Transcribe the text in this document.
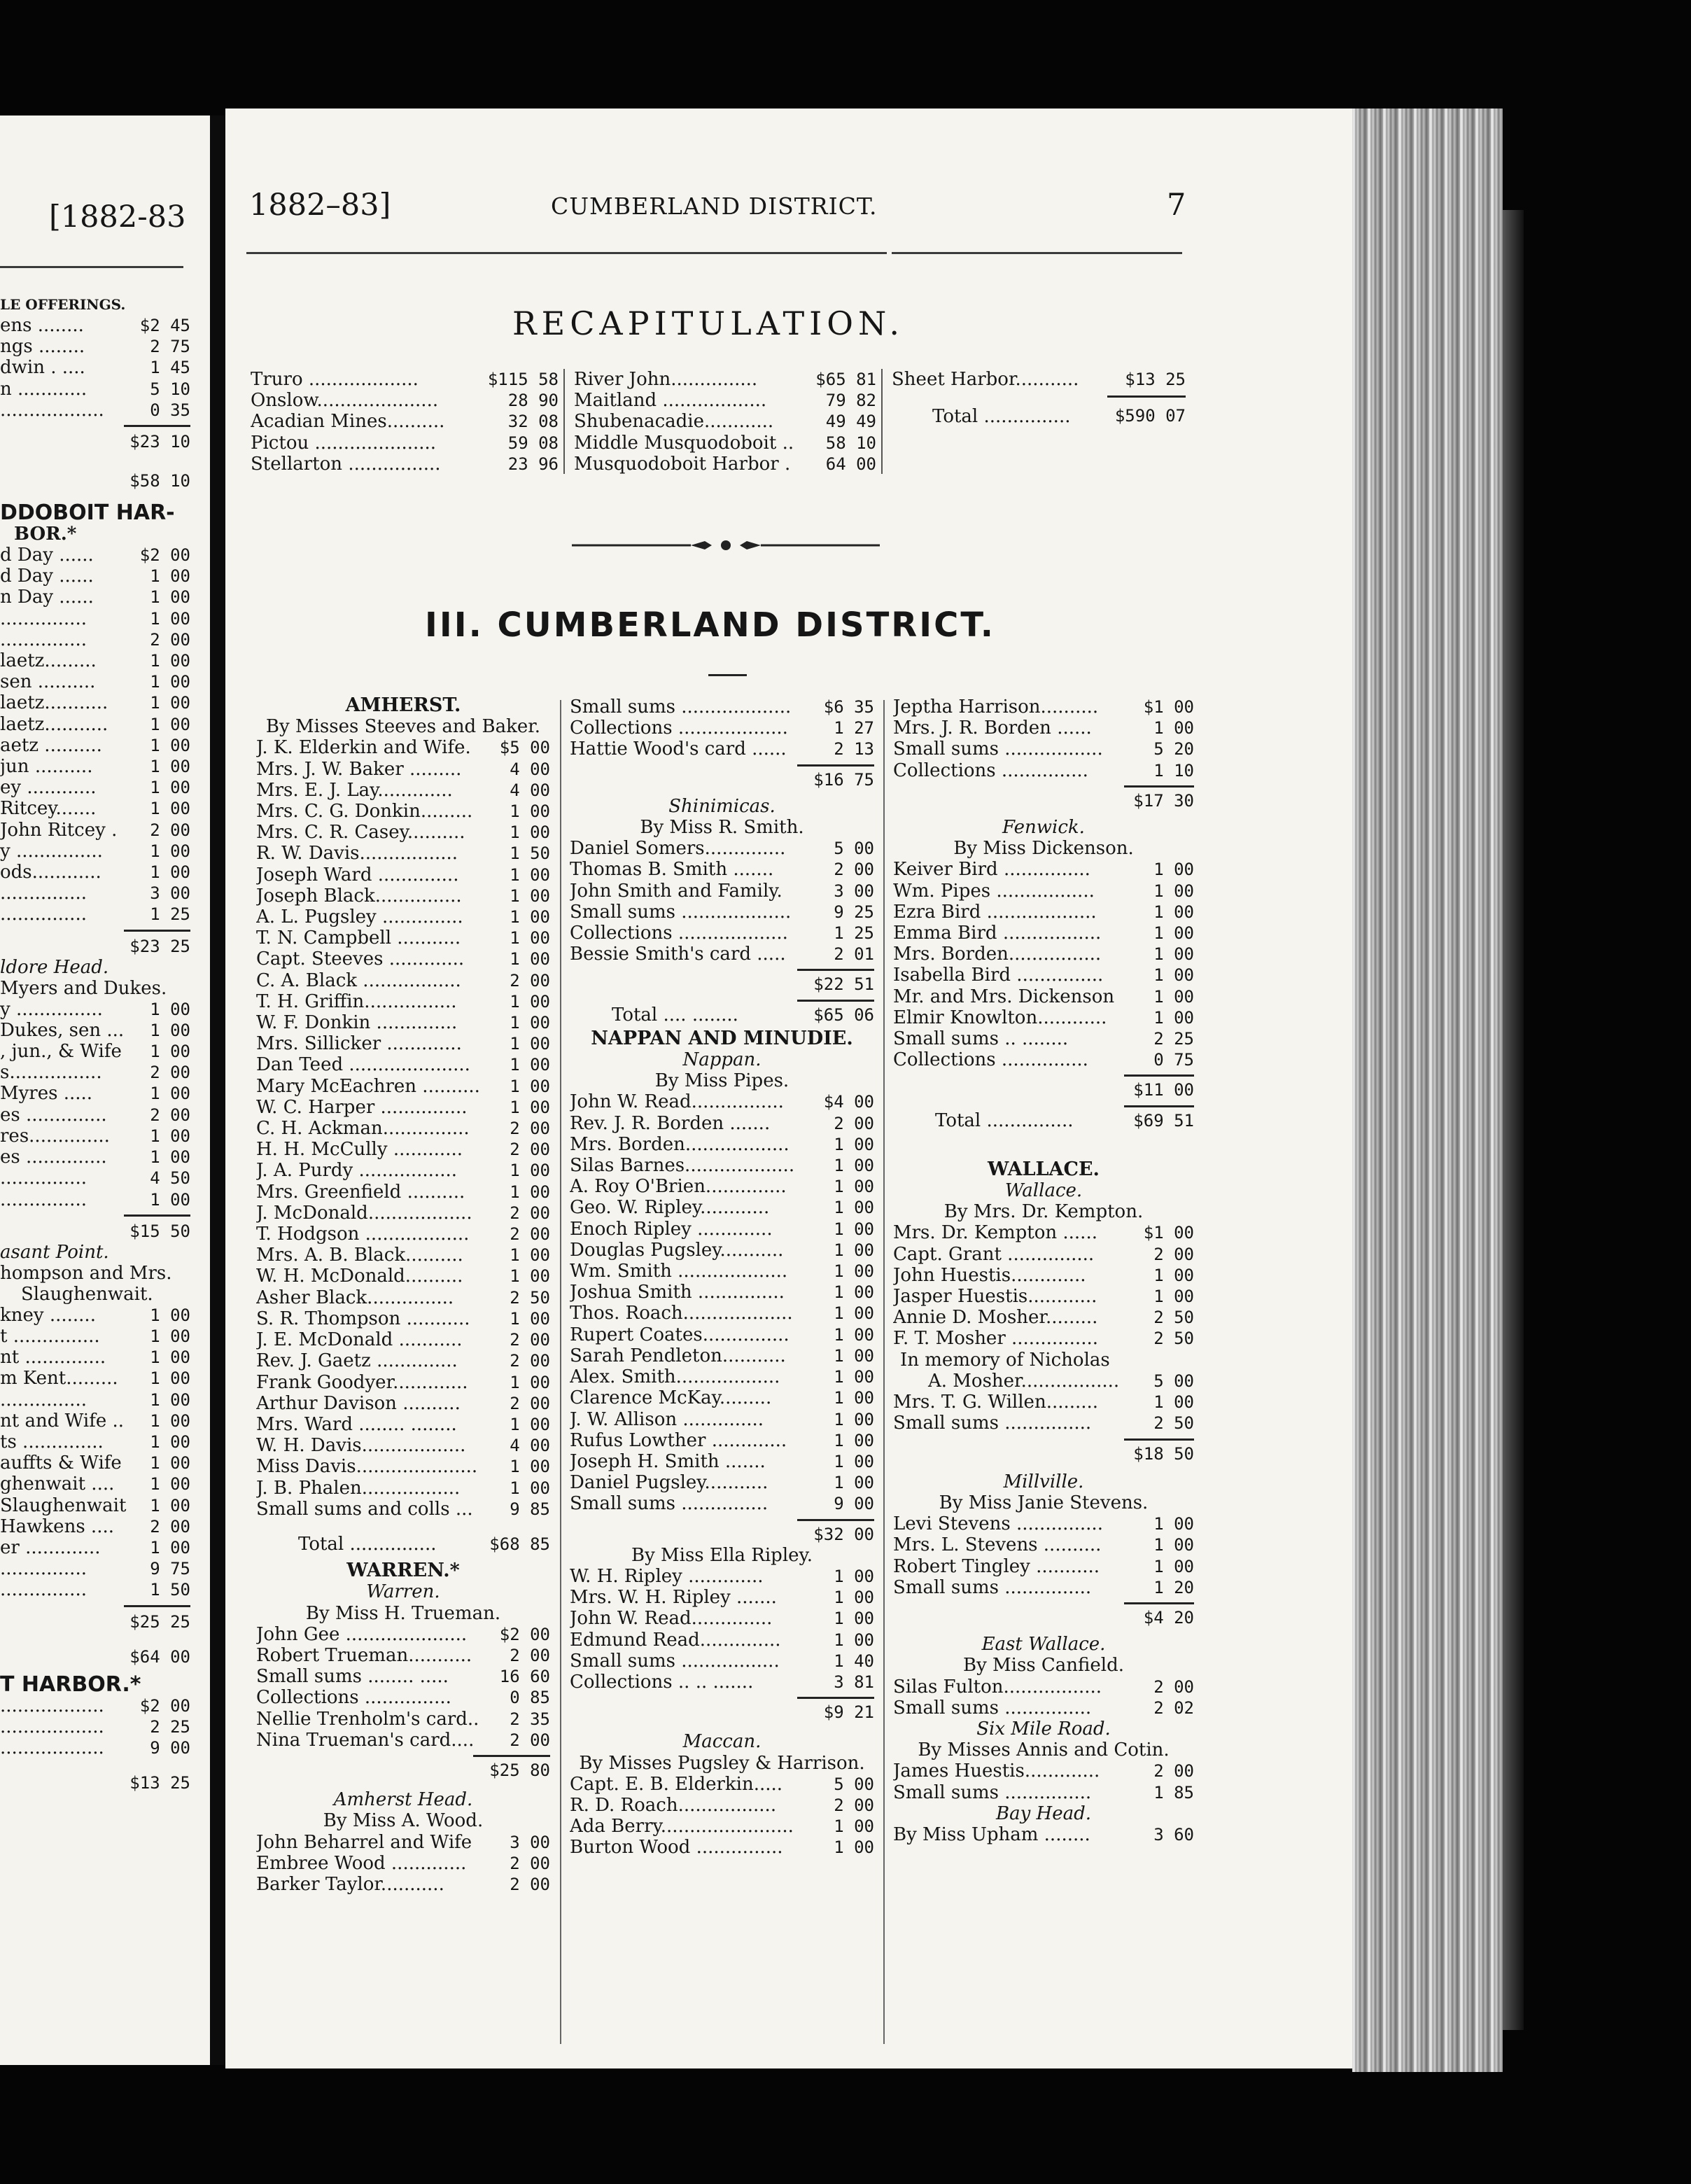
[1882-83
LE OFFERINGS.
ens ........	$2 45
ngs ........	2 75
dwin . ....	1 45
n ............	5 10
..................	0 35
$23 10
$58 10
DDOBOIT HAR-
BOR.*
d Day ......	$2 00
d Day ......	1 00
n Day ......	1 00
...............	1 00
...............	2 00
laetz.........	1 00
sen ..........	1 00
laetz........... 1 00
laetz........... 1 00
aetz ..........	1 00
jun ..........	1 00
ey ............	1 00
Ritcey.......	1 00
John Ritcey . 2 00
y ...............	1 00
ods............	1 00
...............	3 00
...............	1 25
$23 25
ldore Head.
Myers and Dukes.
y ...............	1 00
Dukes, sen ... 1 00
, jun., & Wife 1 00
s................	2 00
Myres .....	1 00
es ..............	2 00
res.............. 1 00
es ..............	1 00
...............	4 50
...............	1 00
$15 50
asant Point.
hompson and Mrs.
Slaughenwait.
kney ........	1 00
t ...............	1 00
nt ..............	1 00
m Kent......... 1 00
...............	1 00
nt and Wife .. 1 00
ts ..............	1 00
auffts & Wife 1 00
ghenwait .... 1 00
Slaughenwait 1 00
Hawkens .... 2 00
er .............	1 00
...............	9 75
...............	1 50
$25 25
$64 00
T HARBOR.*
.................. $2 00
..................	2 25
..................	9 00
$13 25
1882–83]	CUMBERLAND DISTRICT.	7
RECAPITULATION.
Truro ...................	$115 58
Onslow.....................	28 90
Acadian Mines..........	32 08
Pictou .....................	59 08
Stellarton ................	23 96
River John...............	$65 81
Maitland ..................	79 82
Shubenacadie............	49 49
Middle Musquodoboit ..	58 10
Musquodoboit Harbor .	64 00
Sheet Harbor...........	$13 25
Total ...............	$590 07
III. CUMBERLAND DISTRICT.
AMHERST.
By Misses Steeves and Baker.
J. K. Elderkin and Wife.	$5 00
Mrs. J. W. Baker .........	4 00
Mrs. E. J. Lay.............	4 00
Mrs. C. G. Donkin.........	1 00
Mrs. C. R. Casey..........	1 00
R. W. Davis.................	1 50
Joseph Ward ..............	1 00
Joseph Black...............	1 00
A. L. Pugsley ..............	1 00
T. N. Campbell ...........	1 00
Capt. Steeves .............	1 00
C. A. Black .................	2 00
T. H. Griffin................	1 00
W. F. Donkin ..............	1 00
Mrs. Sillicker .............	1 00
Dan Teed .....................	1 00
Mary McEachren ..........	1 00
W. C. Harper ...............	1 00
C. H. Ackman...............	2 00
H. H. McCully ............	2 00
J. A. Purdy .................	1 00
Mrs. Greenfield ..........	1 00
J. McDonald..................	2 00
T. Hodgson ..................	2 00
Mrs. A. B. Black..........	1 00
W. H. McDonald..........	1 00
Asher Black...............	2 50
S. R. Thompson ...........	1 00
J. E. McDonald ...........	2 00
Rev. J. Gaetz ..............	2 00
Frank Goodyer.............	1 00
Arthur Davison ..........	2 00
Mrs. Ward ........ ........	1 00
W. H. Davis..................	4 00
Miss Davis.....................	1 00
J. B. Phalen.................	1 00
Small sums and colls ...	9 85
Total ...............	$68 85
WARREN.*
Warren.
By Miss H. Trueman.
John Gee .....................	$2 00
Robert Trueman...........	2 00
Small sums ........ .....	16 60
Collections ...............	0 85
Nellie Trenholm's card..	2 35
Nina Trueman's card....	2 00
$25 80
Amherst Head.
By Miss A. Wood.
John Beharrel and Wife	3 00
Embree Wood .............	2 00
Barker Taylor...........	2 00
Small sums ...................	$6 35
Collections ...................	1 27
Hattie Wood's card ......	2 13
$16 75
Shinimicas.
By Miss R. Smith.
Daniel Somers..............	5 00
Thomas B. Smith .......	2 00
John Smith and Family.	3 00
Small sums ...................	9 25
Collections ...................	1 25
Bessie Smith's card .....	2 01
$22 51
Total .... ........	$65 06
NAPPAN AND MINUDIE.
Nappan.
By Miss Pipes.
John W. Read................	$4 00
Rev. J. R. Borden .......	2 00
Mrs. Borden..................	1 00
Silas Barnes...................	1 00
A. Roy O'Brien..............	1 00
Geo. W. Ripley............	1 00
Enoch Ripley .............	1 00
Douglas Pugsley...........	1 00
Wm. Smith ...................	1 00
Joshua Smith ...............	1 00
Thos. Roach...................	1 00
Rupert Coates...............	1 00
Sarah Pendleton...........	1 00
Alex. Smith..................	1 00
Clarence McKay.........	1 00
J. W. Allison ..............	1 00
Rufus Lowther .............	1 00
Joseph H. Smith .......	1 00
Daniel Pugsley...........	1 00
Small sums ...............	9 00
$32 00
By Miss Ella Ripley.
W. H. Ripley .............	1 00
Mrs. W. H. Ripley .......	1 00
John W. Read..............	1 00
Edmund Read..............	1 00
Small sums .................	1 40
Collections .. .. .......	3 81
$9 21
Maccan.
By Misses Pugsley & Harrison.
Capt. E. B. Elderkin.....	5 00
R. D. Roach.................	2 00
Ada Berry.......................	1 00
Burton Wood ...............	1 00
Jeptha Harrison..........	$1 00
Mrs. J. R. Borden ......	1 00
Small sums .................	5 20
Collections ...............	1 10
$17 30
Fenwick.
By Miss Dickenson.
Keiver Bird ...............	1 00
Wm. Pipes .................	1 00
Ezra Bird ...................	1 00
Emma Bird .................	1 00
Mrs. Borden................	1 00
Isabella Bird ...............	1 00
Mr. and Mrs. Dickenson	1 00
Elmir Knowlton............	1 00
Small sums .. ........	2 25
Collections ...............	0 75
$11 00
Total ...............	$69 51
WALLACE.
Wallace.
By Mrs. Dr. Kempton.
Mrs. Dr. Kempton ......	$1 00
Capt. Grant ...............	2 00
John Huestis.............	1 00
Jasper Huestis............	1 00
Annie D. Mosher.........	2 50
F. T. Mosher ...............	2 50
In memory of Nicholas
A. Mosher.................	5 00
Mrs. T. G. Willen.........	1 00
Small sums ...............	2 50
$18 50
Millville.
By Miss Janie Stevens.
Levi Stevens ...............	1 00
Mrs. L. Stevens ..........	1 00
Robert Tingley ...........	1 00
Small sums ...............	1 20
$4 20
East Wallace.
By Miss Canfield.
Silas Fulton.................	2 00
Small sums ...............	2 02
Six Mile Road.
By Misses Annis and Cotin.
James Huestis.............	2 00
Small sums ...............	1 85
Bay Head.
By Miss Upham ........	3 60
